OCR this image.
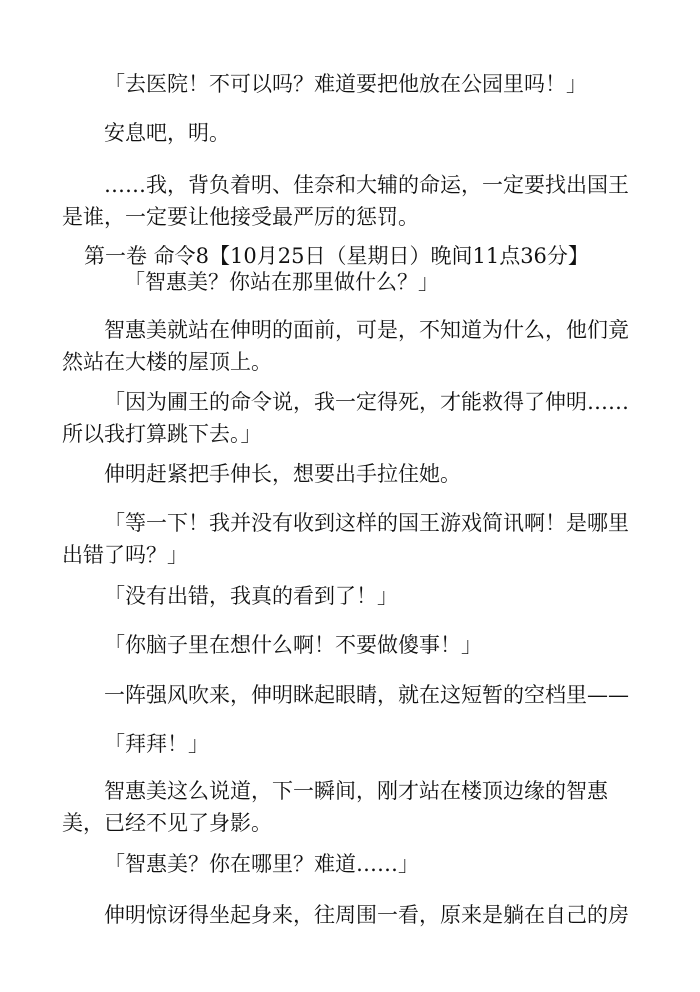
「去医院！不可以吗？难道要把他放在公园里吗！」

安息吧，明。

……我，背负着明、佳奈和大辅的命运，一定要找出国王是谁，一定要让他接受最严厉的惩罚。

第一卷 命令8【10月25日（星期日）晚间11点36分】

「智惠美？你站在那里做什么？」

智惠美就站在伸明的面前，可是，不知道为什么，他们竟然站在大楼的屋顶上。

「因为圃王的命令说，我一定得死，才能救得了伸明……所以我打算跳下去。」

伸明赶紧把手伸长，想要出手拉住她。

「等一下！我并没有收到这样的国王游戏简讯啊！是哪里出错了吗？」

「没有出错，我真的看到了！」

「你脑子里在想什么啊！不要做傻事！」

一阵强风吹来，伸明眯起眼睛，就在这短暂的空档里——

「拜拜！」

智惠美这么说道，下一瞬间，刚才站在楼顶边缘的智惠美，已经不见了身影。

「智惠美？你在哪里？难道……」

伸明惊讶得坐起身来，往周围一看，原来是躺在自己的房
